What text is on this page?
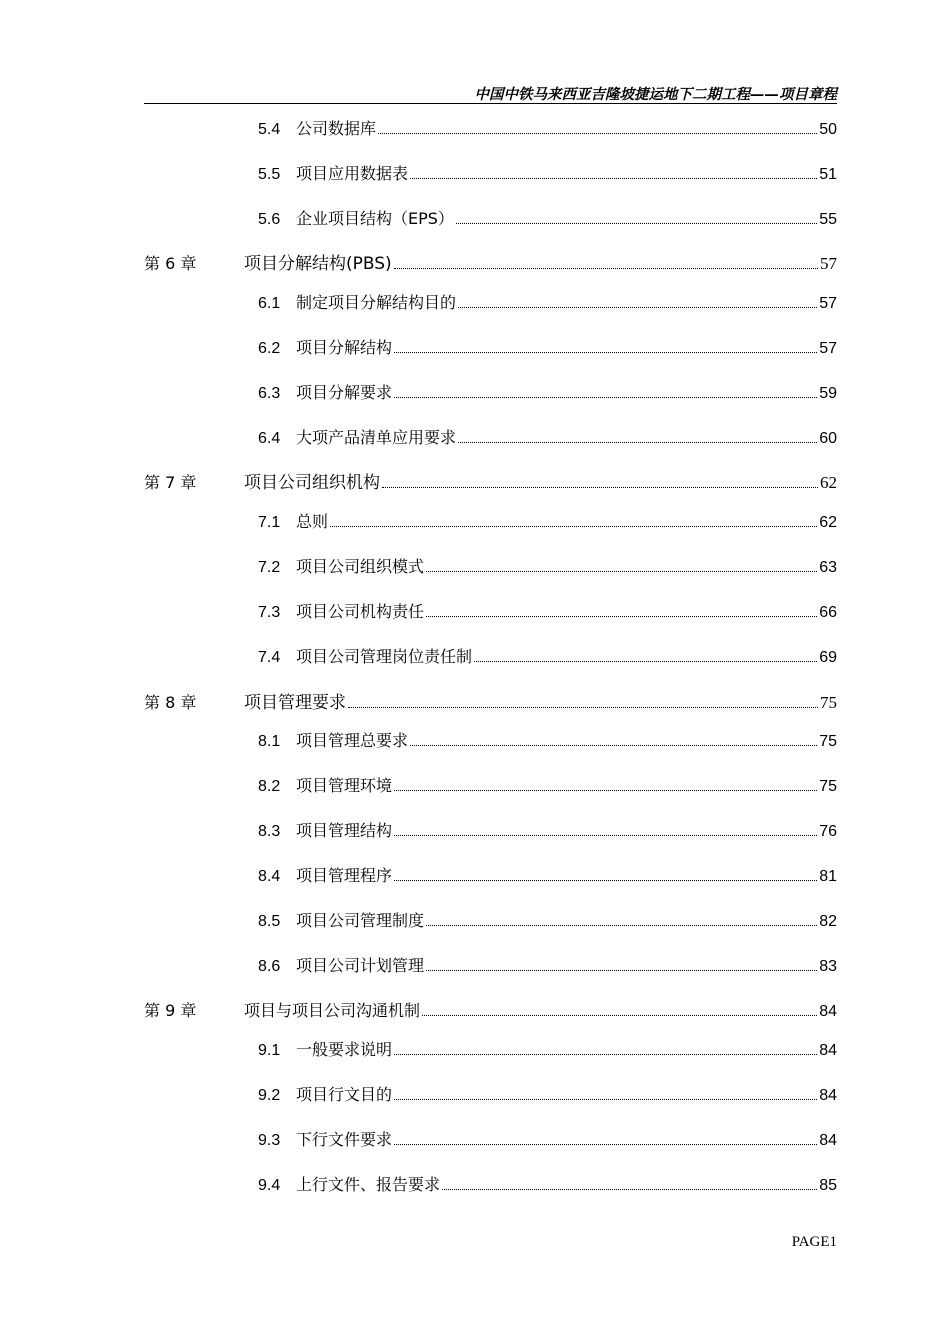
中国中铁马来西亚吉隆坡捷运地下二期工程——项目章程
5.4 公司数据库	50
5.5 项目应用数据表	51
5.6 企业项目结构（EPS）	55
第 6 章	项目分解结构(PBS)	57
6.1 制定项目分解结构目的	57
6.2 项目分解结构	57
6.3 项目分解要求	59
6.4 大项产品清单应用要求	60
第 7 章	项目公司组织机构	62
7.1 总则	62
7.2 项目公司组织模式	63
7.3 项目公司机构责任	66
7.4 项目公司管理岗位责任制	69
第 8 章	项目管理要求	75
8.1 项目管理总要求	75
8.2 项目管理环境	75
8.3 项目管理结构	76
8.4 项目管理程序	81
8.5 项目公司管理制度	82
8.6 项目公司计划管理	83
第 9 章	项目与项目公司沟通机制	84
9.1 一般要求说明	84
9.2 项目行文目的	84
9.3 下行文件要求	84
9.4 上行文件、报告要求	85
PAGE1
